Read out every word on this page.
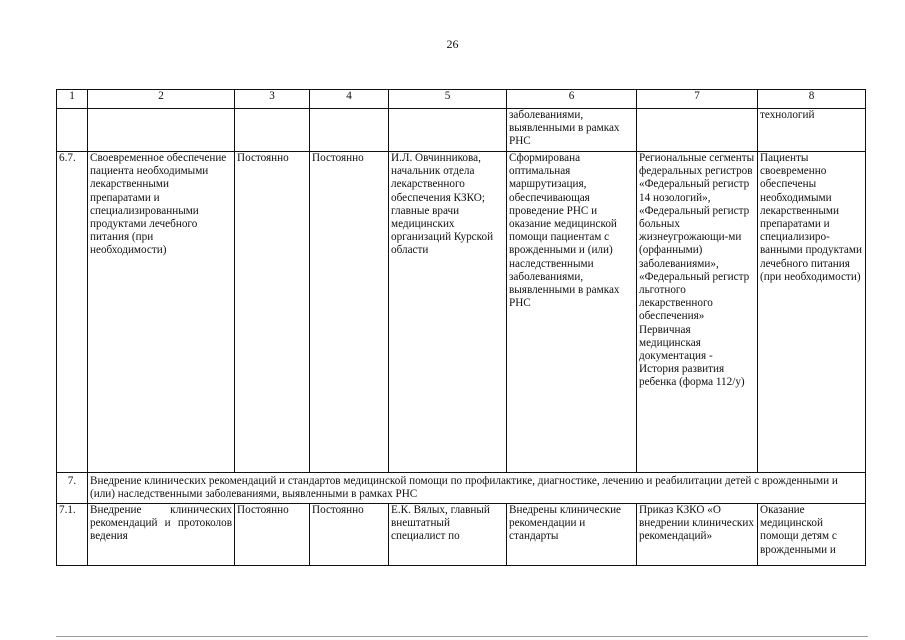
26
1	2	3	4	5	6	7	8
					заболеваниями, выявленными в рамках РНС		технологий
6.7.	Своевременное обеспечение пациента необходимыми лекарственными препаратами и специализированными продуктами лечебного питания (при необходимости)	Постоянно	Постоянно	И.Л. Овчинникова, начальник отдела лекарственного обеспечения КЗКО; главные врачи медицинских организаций Курской области	Сформирована оптимальная маршрутизация, обеспечивающая проведение РНС и оказание медицинской помощи пациентам с врожденными и (или) наследственными заболеваниями, выявленными в рамках РНС	Региональные сегменты федеральных регистров «Федеральный регистр 14 нозологий», «Федеральный регистр больных жизнеугрожающи-ми (орфанными) заболеваниями», «Федеральный регистр льготного лекарственного обеспечения» Первичная медицинская документация - История развития ребенка (форма 112/у)	Пациенты своевременно обеспечены необходимыми лекарственными препаратами и специализиро-ванными продуктами лечебного питания (при необходимости)
7.	Внедрение клинических рекомендаций и стандартов медицинской помощи по профилактике, диагностике, лечению и реабилитации детей с врожденными и (или) наследственными заболеваниями, выявленными в рамках РНС						
7.1.	Внедрение клинических рекомендаций и протоколов ведения	Постоянно	Постоянно	Е.К. Вялых, главный внештатный специалист по	Внедрены клинические рекомендации и стандарты	Приказ КЗКО «О внедрении клинических рекомендаций»	Оказание медицинской помощи детям с врожденными и
